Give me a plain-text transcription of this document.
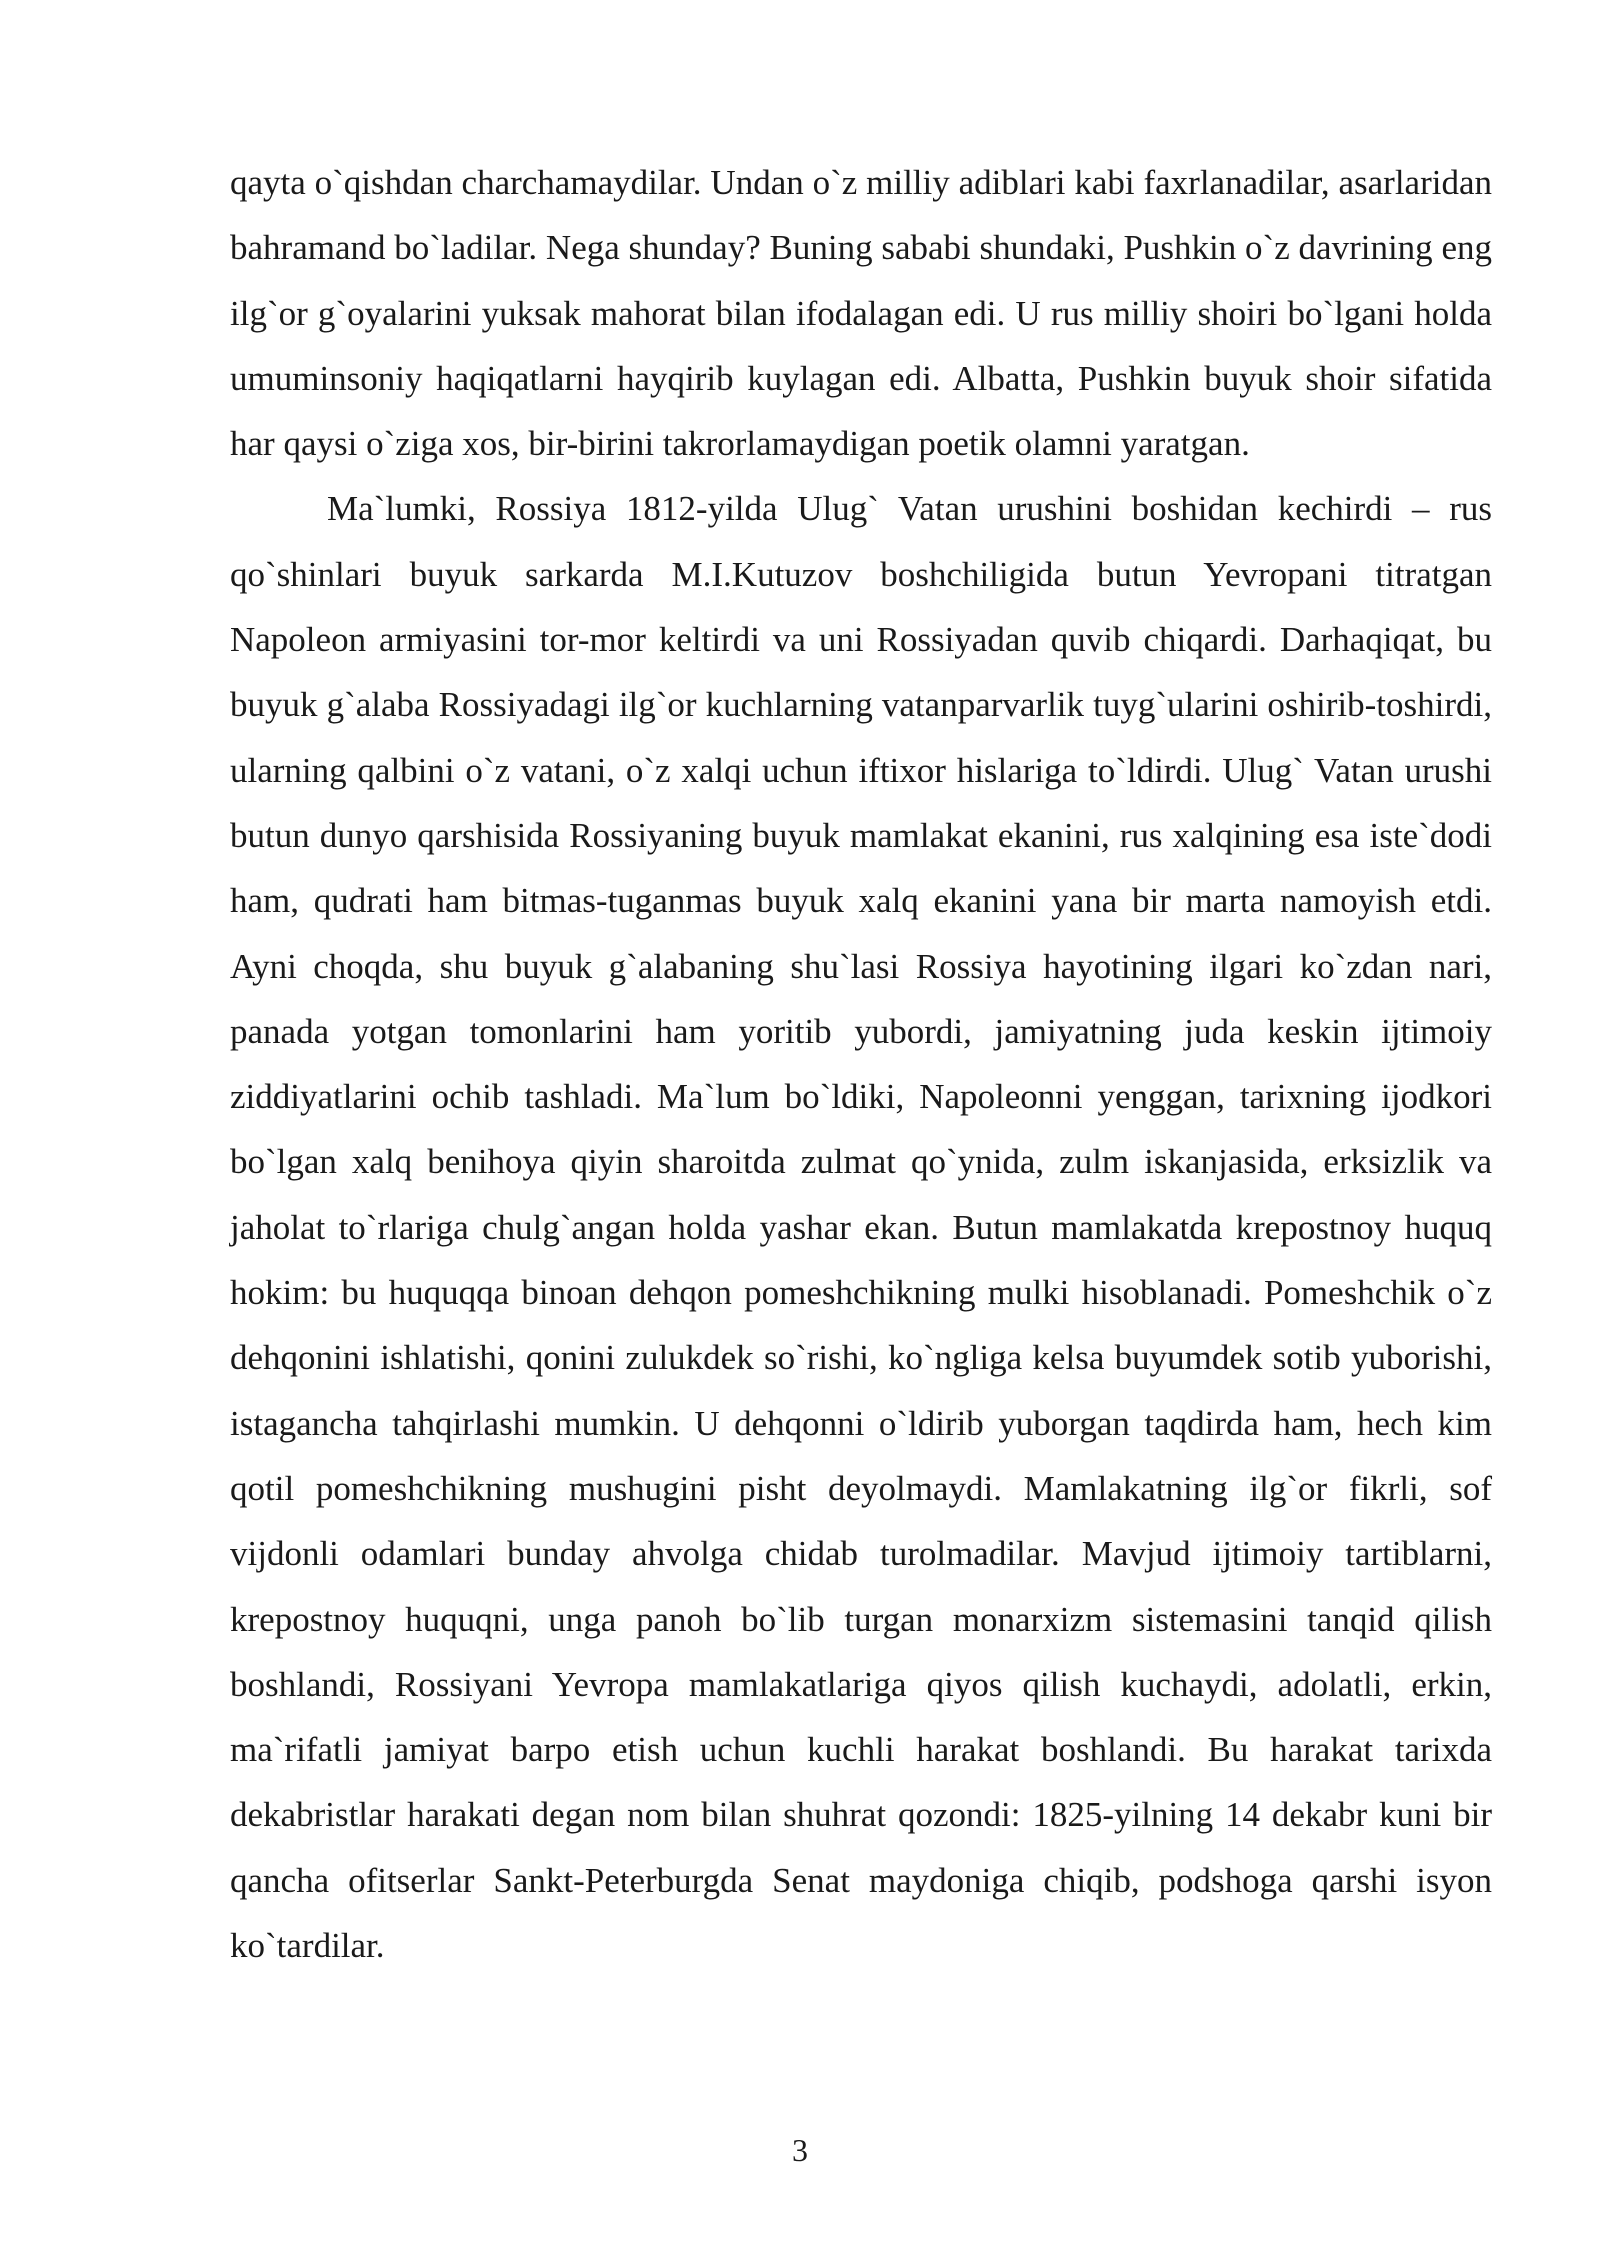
qayta o`qishdan charchamaydilar. Undan o`z milliy adiblari kabi faxrlanadilar, asarlaridan bahramand bo`ladilar. Nega shunday? Buning sababi shundaki, Pushkin o`z davrining eng ilg`or g`oyalarini yuksak mahorat bilan ifodalagan edi. U rus milliy shoiri bo`lgani holda umuminsoniy haqiqatlarni hayqirib kuylagan edi. Albatta, Pushkin buyuk shoir sifatida har qaysi o`ziga xos, bir-birini takrorlamaydigan poetik olamni yaratgan.

Ma`lumki, Rossiya 1812-yilda Ulug` Vatan urushini boshidan kechirdi – rus qo`shinlari buyuk sarkarda M.I.Kutuzov boshchiligida butun Yevropani titratgan Napoleon armiyasini tor-mor keltirdi va uni Rossiyadan quvib chiqardi. Darhaqiqat, bu buyuk g`alaba Rossiyadagi ilg`or kuchlarning vatanparvarlik tuyg`ularini oshirib-toshirdi, ularning qalbini o`z vatani, o`z xalqi uchun iftixor hislariga to`ldirdi. Ulug` Vatan urushi butun dunyo qarshisida Rossiyaning buyuk mamlakat ekanini, rus xalqining esa iste`dodi ham, qudrati ham bitmas-tuganmas buyuk xalq ekanini yana bir marta namoyish etdi. Ayni choqda, shu buyuk g`alabaning shu`lasi Rossiya hayotining ilgari ko`zdan nari, panada yotgan tomonlarini ham yoritib yubordi, jamiyatning juda keskin ijtimoiy ziddiyatlarini ochib tashladi. Ma`lum bo`ldiki, Napoleonni yenggan, tarixning ijodkori bo`lgan xalq benihoya qiyin sharoitda zulmat qo`ynida, zulm iskanjasida, erksizlik va jaholat to`rlariga chulg`angan holda yashar ekan. Butun mamlakatda krepostnoy huquq hokim: bu huquqqa binoan dehqon pomeshchikning mulki hisoblanadi. Pomeshchik o`z dehqonini ishlatishi, qonini zulukdek so`rishi, ko`ngliga kelsa buyumdek sotib yuborishi, istagancha tahqirlashi mumkin. U dehqonni o`ldirib yuborgan taqdirda ham, hech kim qotil pomeshchikning mushugini pisht deyolmaydi. Mamlakatning ilg`or fikrli, sof vijdonli odamlari bunday ahvolga chidab turolmadilar. Mavjud ijtimoiy tartiblarni, krepostnoy huquqni, unga panoh bo`lib turgan monarxizm sistemasini tanqid qilish boshlandi, Rossiyani Yevropa mamlakatlariga qiyos qilish kuchaydi, adolatli, erkin, ma`rifatli jamiyat barpo etish uchun kuchli harakat boshlandi. Bu harakat tarixda dekabristlar harakati degan nom bilan shuhrat qozondi: 1825-yilning 14 dekabr kuni bir qancha ofitserlar Sankt-Peterburgda Senat maydoniga chiqib, podshoga qarshi isyon ko`tardilar.

3
